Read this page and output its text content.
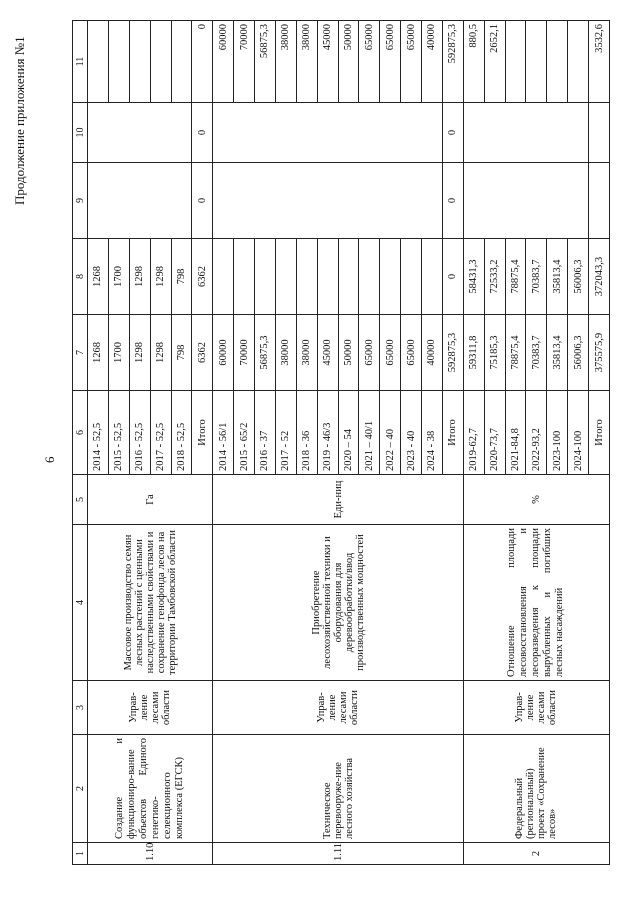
Продолжение приложения №1
6
1	2	3	4	5	6	7	8	9	10	11
1.10	Создание и функциониро-вание объектов Единого генетико-селекционного комплекса (ЕГСК)	Управ-ление лесами области	Массовое производство семян лесных растений с ценными наследственными свойствами и сохранение генофонда лесов на территории Тамбовской области	Га	2014 - 52,5	1268	1268			
					2015 - 52,5	1700	1700			
					2016 - 52,5	1298	1298			
					2017 - 52,5	1298	1298			
					2018 - 52,5	798	798			
					Итого	6362	6362	0	0	0
1.11	Техническое перевооруже-ние лесного хозяйства	Управ-ление лесами области	Приобретение лесохозяйственной техники и оборудования для деревообработки/ввод производственных мощностей	Еди-ниц	2014 - 56/1	60000				60000
					2015 - 65/2	70000				70000
					2016 - 37	56875,3				56875,3
					2017 - 52	38000				38000
					2018 - 36	38000				38000
					2019 - 46/3	45000				45000
					2020 – 54	50000				50000
					2021 – 40/1	65000				65000
					2022 – 40	65000				65000
					2023 - 40	65000				65000
					2024 - 38	40000				40000
					Итого	592875,3	0	0	0	592875,3
2	Федеральный (региональный) проект «Сохранение лесов»	Управ-ление лесами области	Отношение площади лесовосстановления и лесоразведения к площади вырубленных и погибших лесных насаждений	%	2019-62,7	59311,8	58431,3			880,5
					2020-73,7	75185,3	72533,2			2652,1
					2021-84,8	78875,4	78875,4			
					2022-93,2	70383,7	70383,7			
					2023-100	35813,4	35813,4			
					2024-100	56006,3	56006,3			
					Итого	375575,9	372043,3			3532,6
